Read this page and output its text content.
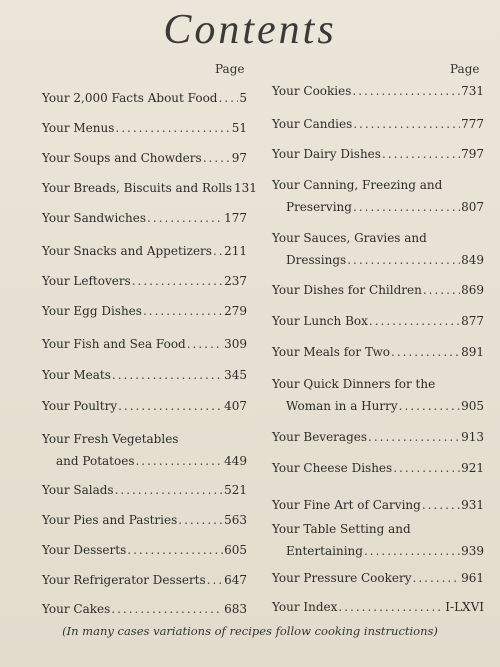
Contents
Page	Page
Your 2,000 Facts About Food ..... 5
Your Menus .....	51
Your Soups and Chowders .....	97
Your Breads, Biscuits and Rolls 131
Your Sandwiches .....	177
Your Snacks and Appetizers ..... 211
Your Leftovers .....	237
Your Egg Dishes .....	279
Your Fish and Sea Food .....	309
Your Meats .....	345
Your Poultry .....	407
Your Fresh Vegetables
and Potatoes .....	449
Your Salads .....	521
Your Pies and Pastries .....	563
Your Desserts .....	605
Your Refrigerator Desserts ..... 647
Your Cakes .....	683
Your Cookies .....	731
Your Candies .....	777
Your Dairy Dishes .....	797
Your Canning, Freezing and
Preserving .....	807
Your Sauces, Gravies and
Dressings .....	849
Your Dishes for Children .....	869
Your Lunch Box .....	877
Your Meals for Two .....	891
Your Quick Dinners for the
Woman in a Hurry .....	905
Your Beverages .....	913
Your Cheese Dishes .....	921
Your Fine Art of Carving .....	931
Your Table Setting and
Entertaining .....	939
Your Pressure Cookery .....	961
Your Index .....	I-LXVI
(In many cases variations of recipes follow cooking instructions)
